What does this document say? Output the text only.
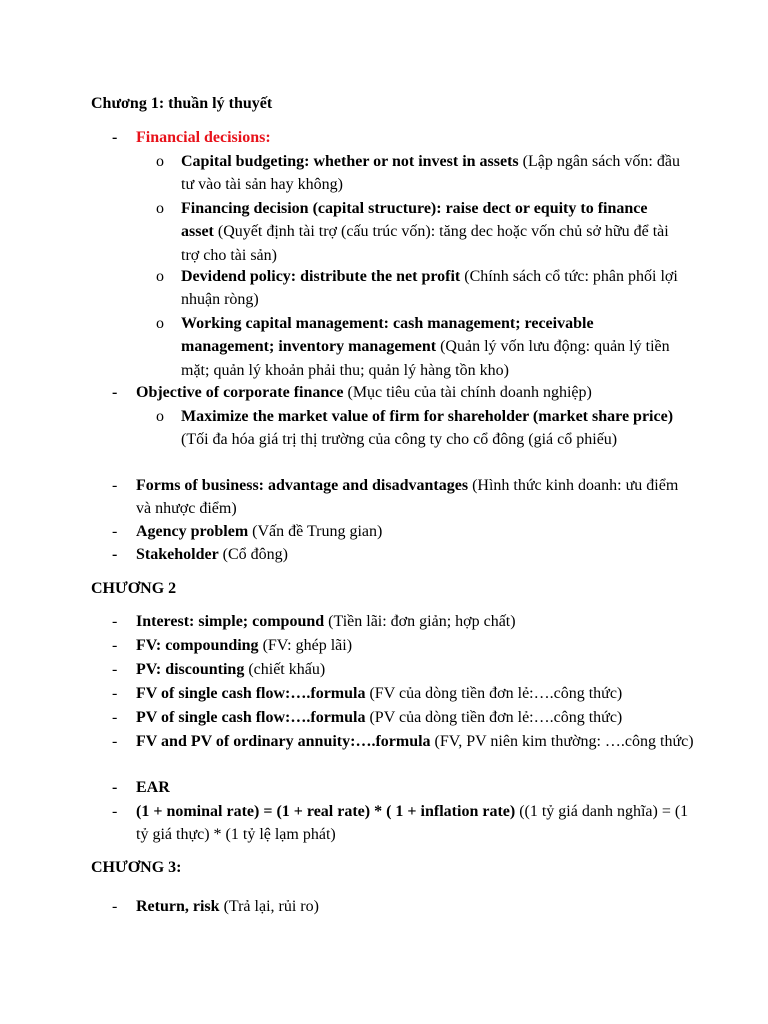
Chương 1: thuần lý thuyết
- Financial decisions:
o Capital budgeting: whether or not invest in assets (Lập ngân sách vốn: đầu tư vào tài sản hay không)
o Financing decision (capital structure): raise dect or equity to finance asset (Quyết định tài trợ (cấu trúc vốn): tăng dec hoặc vốn chủ sở hữu để tài trợ cho tài sản)
o Devidend policy: distribute the net profit (Chính sách cổ tức: phân phối lợi nhuận ròng)
o Working capital management: cash management; receivable management; inventory management (Quản lý vốn lưu động: quản lý tiền mặt; quản lý khoản phải thu; quản lý hàng tồn kho)
- Objective of corporate finance (Mục tiêu của tài chính doanh nghiệp)
o Maximize the market value of firm for shareholder (market share price) (Tối đa hóa giá trị thị trường của công ty cho cổ đông (giá cổ phiếu)
- Forms of business: advantage and disadvantages (Hình thức kinh doanh: ưu điểm và nhược điểm)
- Agency problem (Vấn đề Trung gian)
- Stakeholder (Cổ đông)
CHƯƠNG 2
- Interest: simple; compound (Tiền lãi: đơn giản; hợp chất)
- FV: compounding (FV: ghép lãi)
- PV: discounting (chiết khấu)
- FV of single cash flow:….formula (FV của dòng tiền đơn lẻ:….công thức)
- PV of single cash flow:….formula (PV của dòng tiền đơn lẻ:….công thức)
- FV and PV of ordinary annuity:….formula (FV, PV niên kim thường: ….công thức)
- EAR
- (1 + nominal rate) = (1 + real rate) * ( 1 + inflation rate) ((1 tỷ giá danh nghĩa) = (1 tỷ giá thực) * (1 tỷ lệ lạm phát)
CHƯƠNG 3:
- Return, risk (Trả lại, rủi ro)
